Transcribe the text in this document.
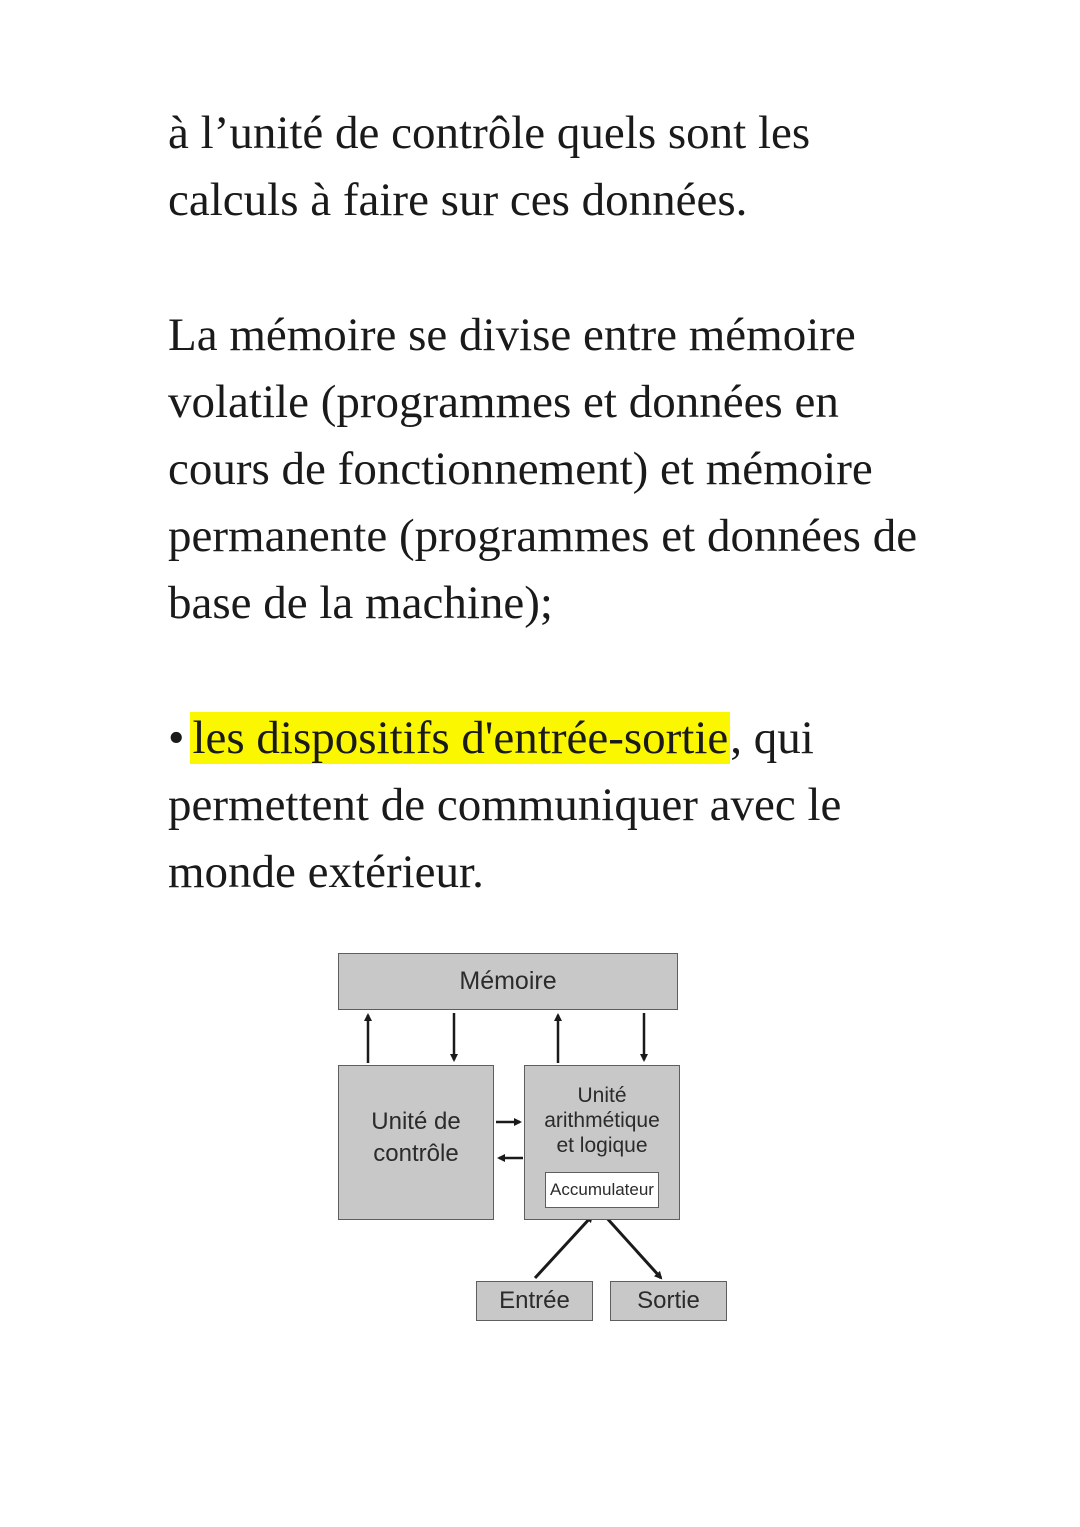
à l’unité de contrôle quels sont les
calculs à faire sur ces données.

La mémoire se divise entre mémoire
volatile (programmes et données en
cours de fonctionnement) et mémoire
permanente (programmes et données de
base de la machine);

• les dispositifs d'entrée-sortie, qui
permettent de communiquer avec le
monde extérieur.

Mémoire
Unité de
contrôle
Unité
arithmétique
et logique
Accumulateur
Entrée	Sortie
